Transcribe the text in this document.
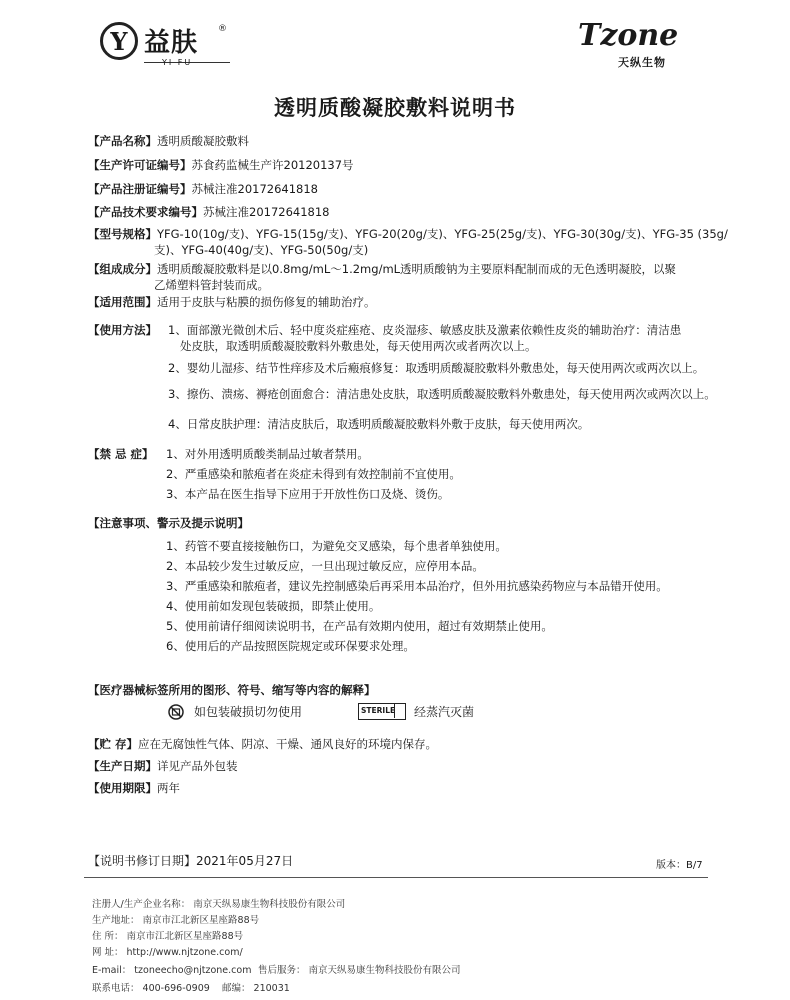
Y 益肤 ®
YI FU
Tzone
天纵生物
透明质酸凝胶敷料说明书
【产品名称】透明质酸凝胶敷料
【生产许可证编号】苏食药监械生产许20120137号
【产品注册证编号】苏械注准20172641818
【产品技术要求编号】苏械注准20172641818
【型号规格】YFG-10(10g/支)、YFG-15(15g/支)、YFG-20(20g/支)、YFG-25(25g/支)、YFG-30(30g/支)、YFG-35 (35g/
支)、YFG-40(40g/支)、YFG-50(50g/支)
【组成成分】透明质酸凝胶敷料是以0.8mg/mL～1.2mg/mL透明质酸钠为主要原料配制而成的无色透明凝胶，以聚
乙烯塑料管封装而成。
【适用范围】适用于皮肤与粘膜的损伤修复的辅助治疗。
【使用方法】 1、面部激光微创术后、轻中度炎症痤疮、皮炎湿疹、敏感皮肤及激素依赖性皮炎的辅助治疗：清洁患
处皮肤，取透明质酸凝胶敷料外敷患处，每天使用两次或者两次以上。
2、婴幼儿湿疹、结节性痒疹及术后瘢痕修复：取透明质酸凝胶敷料外敷患处，每天使用两次或两次以上。
3、擦伤、溃疡、褥疮创面愈合：清洁患处皮肤，取透明质酸凝胶敷料外敷患处，每天使用两次或两次以上。
4、日常皮肤护理：清洁皮肤后，取透明质酸凝胶敷料外敷于皮肤，每天使用两次。
【禁 忌 症】 1、对外用透明质酸类制品过敏者禁用。
2、严重感染和脓疱者在炎症未得到有效控制前不宜使用。
3、本产品在医生指导下应用于开放性伤口及烧、烫伤。
【注意事项、警示及提示说明】
1、药管不要直接接触伤口，为避免交叉感染，每个患者单独使用。
2、本品较少发生过敏反应，一旦出现过敏反应，应停用本品。
3、严重感染和脓疱者，建议先控制感染后再采用本品治疗，但外用抗感染药物应与本品错开使用。
4、使用前如发现包装破损，即禁止使用。
5、使用前请仔细阅读说明书，在产品有效期内使用，超过有效期禁止使用。
6、使用后的产品按照医院规定或环保要求处理。
【医疗器械标签所用的图形、符号、缩写等内容的解释】
如包装破损切勿使用	STERILE 经蒸汽灭菌
【贮 存】应在无腐蚀性气体、阴凉、干燥、通风良好的环境内保存。
【生产日期】详见产品外包装
【使用期限】两年
【说明书修订日期】2021年05月27日	版本：B/7
注册人/生产企业名称： 南京天纵易康生物科技股份有限公司
生产地址： 南京市江北新区星座路88号
住 所： 南京市江北新区星座路88号
网 址： http://www.njtzone.com/
E-mail： tzoneecho@njtzone.com 售后服务： 南京天纵易康生物科技股份有限公司
联系电话： 400-696-0909 邮编： 210031
